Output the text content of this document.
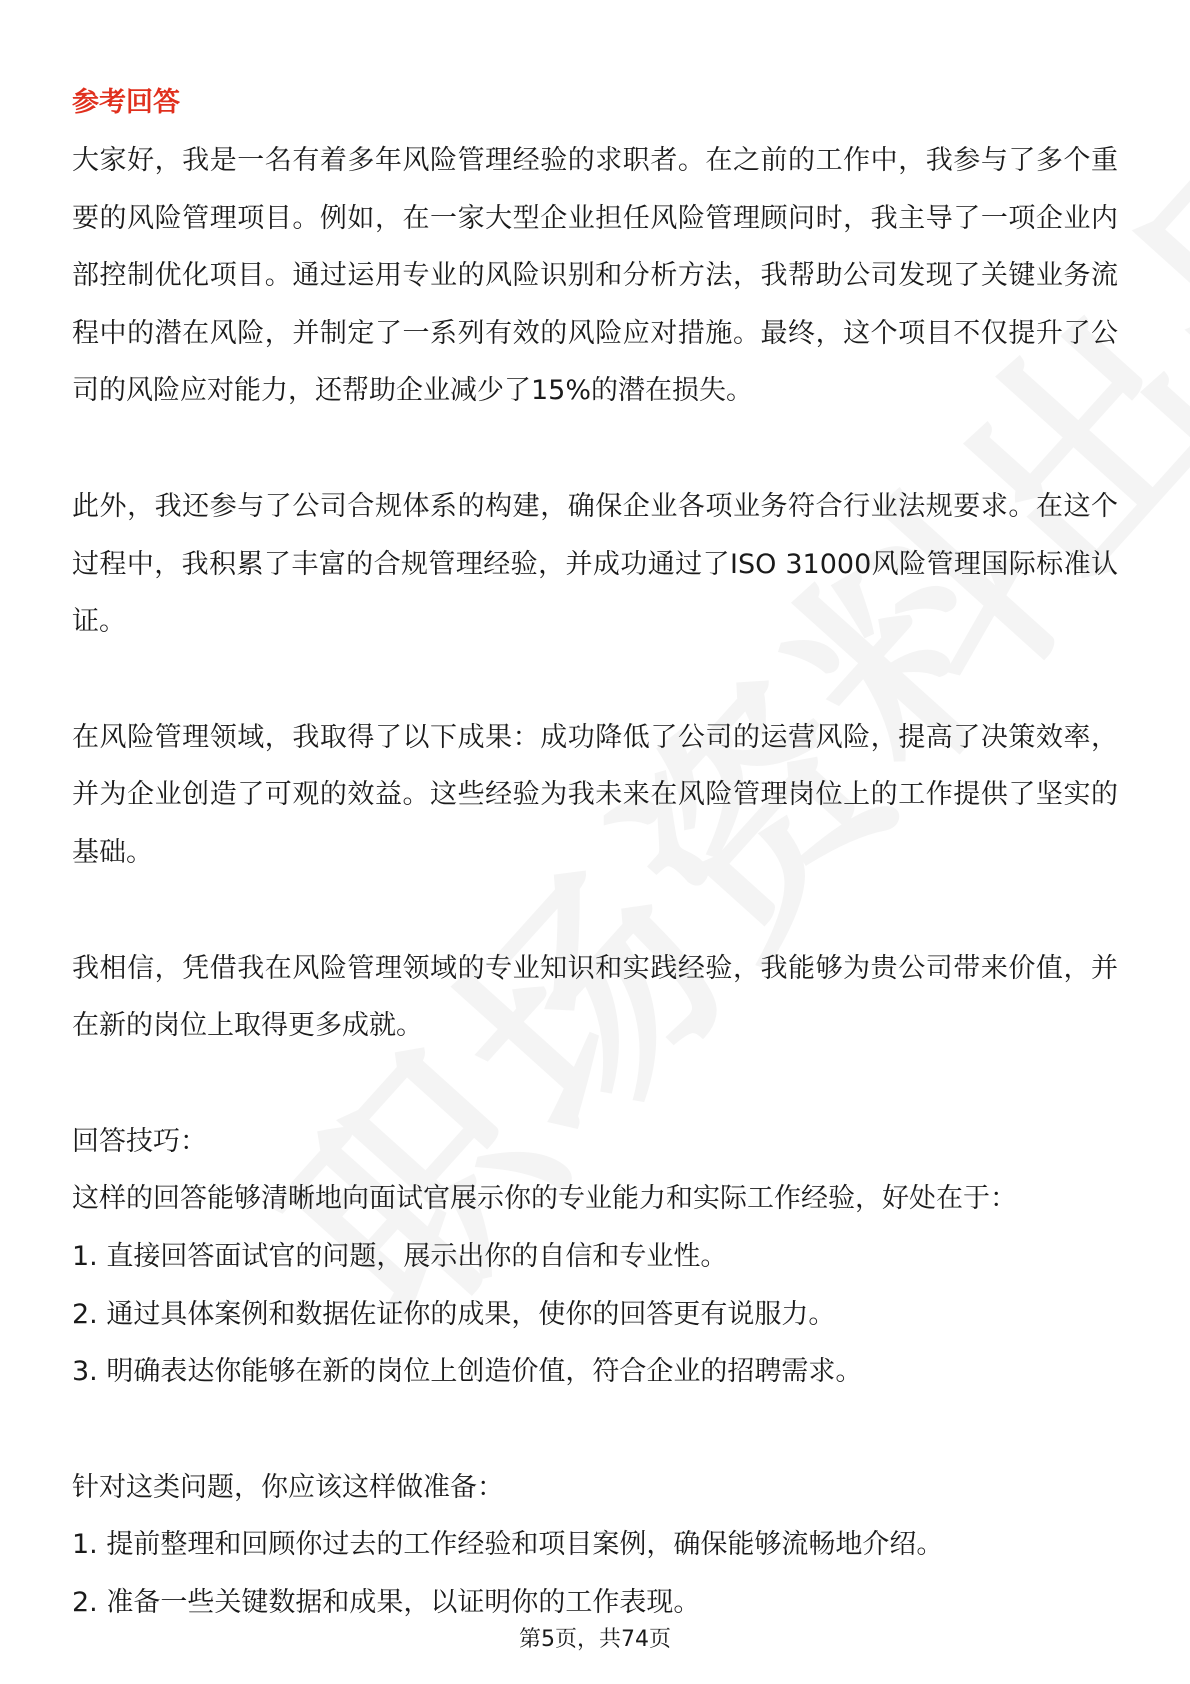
参考回答

大家好，我是一名有着多年风险管理经验的求职者。在之前的工作中，我参与了多个重要的风险管理项目。例如，在一家大型企业担任风险管理顾问时，我主导了一项企业内部控制优化项目。通过运用专业的风险识别和分析方法，我帮助公司发现了关键业务流程中的潜在风险，并制定了一系列有效的风险应对措施。最终，这个项目不仅提升了公司的风险应对能力，还帮助企业减少了15%的潜在损失。

此外，我还参与了公司合规体系的构建，确保企业各项业务符合行业法规要求。在这个过程中，我积累了丰富的合规管理经验，并成功通过了ISO 31000风险管理国际标准认证。

在风险管理领域，我取得了以下成果：成功降低了公司的运营风险，提高了决策效率，并为企业创造了可观的效益。这些经验为我未来在风险管理岗位上的工作提供了坚实的基础。

我相信，凭借我在风险管理领域的专业知识和实践经验，我能够为贵公司带来价值，并在新的岗位上取得更多成就。

回答技巧：

这样的回答能够清晰地向面试官展示你的专业能力和实际工作经验，好处在于：

1. 直接回答面试官的问题，展示出你的自信和专业性。

2. 通过具体案例和数据佐证你的成果，使你的回答更有说服力。

3. 明确表达你能够在新的岗位上创造价值，符合企业的招聘需求。

针对这类问题，你应该这样做准备：

1. 提前整理和回顾你过去的工作经验和项目案例，确保能够流畅地介绍。

2. 准备一些关键数据和成果，以证明你的工作表现。

第5页，共74页
